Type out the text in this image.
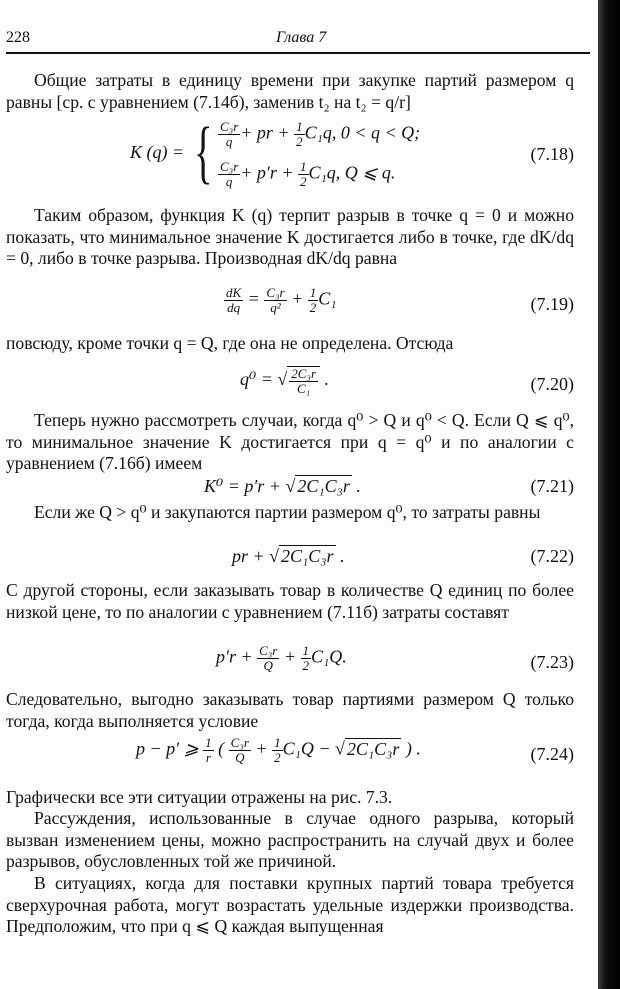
228	Глава 7

Общие затраты в единицу времени при закупке партий размером q равны [ср. с уравнением (7.14б), заменив t₂ на t₂ = q/r]

K (q) = { $\frac{\text{C₃r}}{q}$ + pr + $\frac{1}{2} C_1q$, 0 < q < Q;
$\frac{\text{C₃r}}{q} + p'r + \frac{1}{2} C_1q$, Q ⩽ q.
(7.18)

Таким образом, функция K (q) терпит разрыв в точке q = 0 и можно показать, что минимальное значение K достигается либо в точке, где dK/dq = 0, либо в точке разрыва. Производная dK/dq равна

$\frac{dK}{dq} = \frac{\text{C₃r}}{\text{q²}} + \frac{1}{2} C_1$	(7.19)

повсюду, кроме точки q = Q, где она не определена. Отсюда

q⁰ = √ $\frac{\text{2C₃r}}{\text{C₁}}$ .	(7.20)

Теперь нужно рассмотреть случаи, когда q⁰ > Q и q⁰ < Q. Если Q ⩽ q⁰, то минимальное значение K достигается при q = q⁰ и по аналогии с уравнением (7.16б) имеем

K⁰ = p′r + √ 2C₁C₃r .	(7.21)

Если же Q > q⁰ и закупаются партии размером q⁰, то затраты равны

pr + √ 2C₁C₃r .	(7.22)

С другой стороны, если заказывать товар в количестве Q единиц по более низкой цене, то по аналогии с уравнением (7.11б) затраты составят

$p'r + \frac{\text{C₃r}}{Q} + \frac{1}{2} C_1Q$.	(7.23)

Следовательно, выгодно заказывать товар партиями размером Q только тогда, когда выполняется условие

p − p′ ⩾ $\frac{1}{r}$ ( $\frac{\text{C₃r}}{Q} + \frac{1}{2} C_1Q$ − √ 2C₁C₃r ) .	(7.24)

Графически все эти ситуации отражены на рис. 7.3.

Рассуждения, использованные в случае одного разрыва, который вызван изменением цены, можно распространить на случай двух и более разрывов, обусловленных той же причиной.

В ситуациях, когда для поставки крупных партий товара требуется сверхурочная работа, могут возрастать удельные издержки производства. Предположим, что при q ⩽ Q каждая выпущенная
